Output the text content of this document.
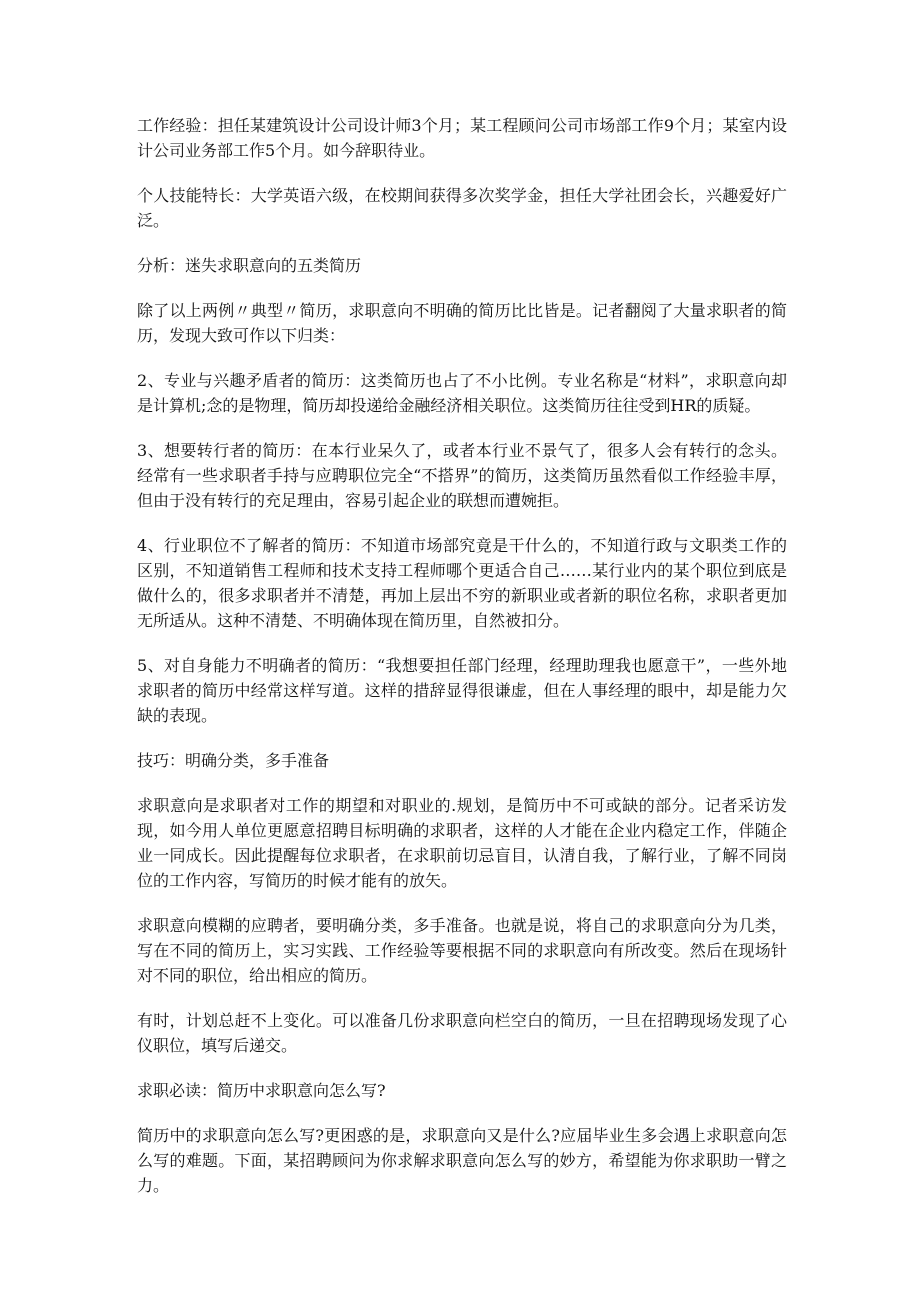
工作经验：担任某建筑设计公司设计师3个月；某工程顾问公司市场部工作9个月；某室内设计公司业务部工作5个月。如今辞职待业。

个人技能特长：大学英语六级，在校期间获得多次奖学金，担任大学社团会长，兴趣爱好广泛。

分析：迷失求职意向的五类简历

除了以上两例〃典型〃简历，求职意向不明确的简历比比皆是。记者翻阅了大量求职者的简历，发现大致可作以下归类：

2、专业与兴趣矛盾者的简历：这类简历也占了不小比例。专业名称是“材料”，求职意向却是计算机;念的是物理，简历却投递给金融经济相关职位。这类简历往往受到HR的质疑。

3、想要转行者的简历：在本行业呆久了，或者本行业不景气了，很多人会有转行的念头。经常有一些求职者手持与应聘职位完全“不搭界”的简历，这类简历虽然看似工作经验丰厚，但由于没有转行的充足理由，容易引起企业的联想而遭婉拒。

4、行业职位不了解者的简历：不知道市场部究竟是干什么的，不知道行政与文职类工作的区别，不知道销售工程师和技术支持工程师哪个更适合自己……某行业内的某个职位到底是做什么的，很多求职者并不清楚，再加上层出不穷的新职业或者新的职位名称，求职者更加无所适从。这种不清楚、不明确体现在简历里，自然被扣分。

5、对自身能力不明确者的简历：“我想要担任部门经理，经理助理我也愿意干”，一些外地求职者的简历中经常这样写道。这样的措辞显得很谦虚，但在人事经理的眼中，却是能力欠缺的表现。

技巧：明确分类，多手准备

求职意向是求职者对工作的期望和对职业的.规划，是简历中不可或缺的部分。记者采访发现，如今用人单位更愿意招聘目标明确的求职者，这样的人才能在企业内稳定工作，伴随企业一同成长。因此提醒每位求职者，在求职前切忌盲目，认清自我，了解行业，了解不同岗位的工作内容，写简历的时候才能有的放矢。

求职意向模糊的应聘者，要明确分类，多手准备。也就是说，将自己的求职意向分为几类，写在不同的简历上，实习实践、工作经验等要根据不同的求职意向有所改变。然后在现场针对不同的职位，给出相应的简历。

有时，计划总赶不上变化。可以准备几份求职意向栏空白的简历，一旦在招聘现场发现了心仪职位，填写后递交。

求职必读：简历中求职意向怎么写?

简历中的求职意向怎么写?更困惑的是，求职意向又是什么?应届毕业生多会遇上求职意向怎么写的难题。下面，某招聘顾问为你求解求职意向怎么写的妙方，希望能为你求职助一臂之力。
